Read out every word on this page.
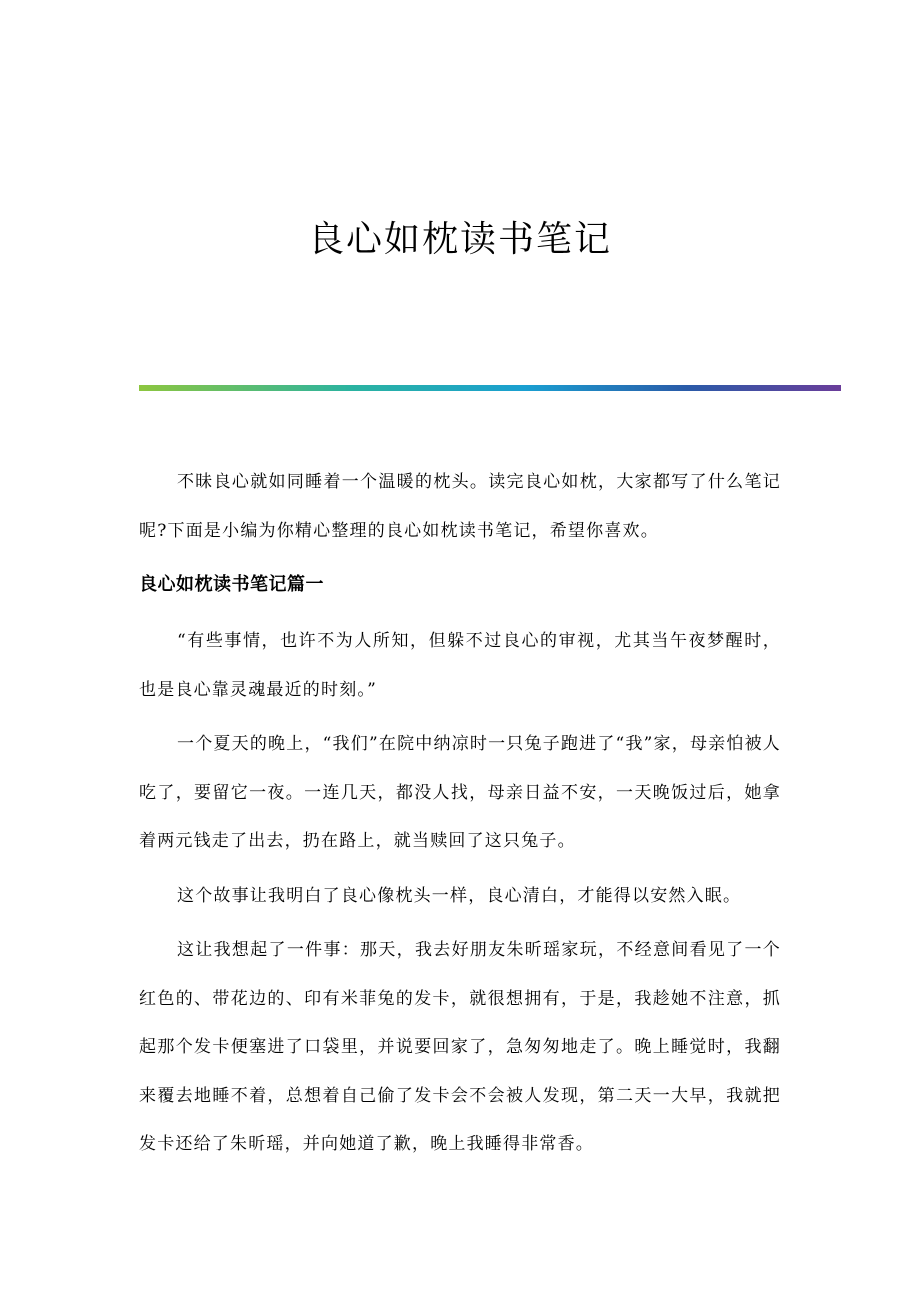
良心如枕读书笔记

不昧良心就如同睡着一个温暖的枕头。读完良心如枕，大家都写了什么笔记呢?下面是小编为你精心整理的良心如枕读书笔记，希望你喜欢。

良心如枕读书笔记篇一

“有些事情，也许不为人所知，但躲不过良心的审视，尤其当午夜梦醒时，也是良心靠灵魂最近的时刻。”

一个夏天的晚上，“我们”在院中纳凉时一只兔子跑进了“我”家，母亲怕被人吃了，要留它一夜。一连几天，都没人找，母亲日益不安，一天晚饭过后，她拿着两元钱走了出去，扔在路上，就当赎回了这只兔子。

这个故事让我明白了良心像枕头一样，良心清白，才能得以安然入眠。

这让我想起了一件事：那天，我去好朋友朱昕瑶家玩，不经意间看见了一个红色的、带花边的、印有米菲兔的发卡，就很想拥有，于是，我趁她不注意，抓起那个发卡便塞进了口袋里，并说要回家了，急匆匆地走了。晚上睡觉时，我翻来覆去地睡不着，总想着自己偷了发卡会不会被人发现，第二天一大早，我就把发卡还给了朱昕瑶，并向她道了歉，晚上我睡得非常香。
